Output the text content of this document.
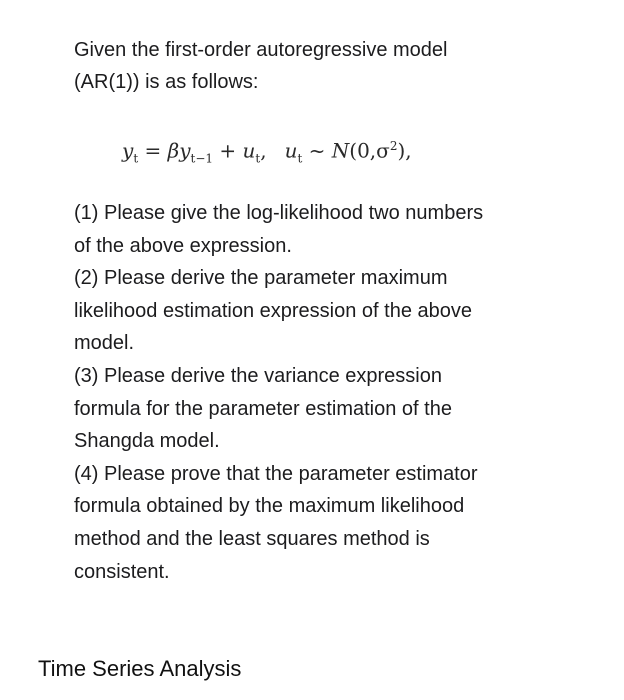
Given the first-order autoregressive model

(AR(1)) is as follows:

$y_t = \beta y_{t-1} + u_t$, $u_t$ ~ $N(0,\sigma^2)$,

(1) Please give the log-likelihood two numbers

of the above expression.

(2) Please derive the parameter maximum

likelihood estimation expression of the above

model.

(3) Please derive the variance expression

formula for the parameter estimation of the

Shangda model.

(4) Please prove that the parameter estimator

formula obtained by the maximum likelihood

method and the least squares method is

consistent.

Time Series Analysis
